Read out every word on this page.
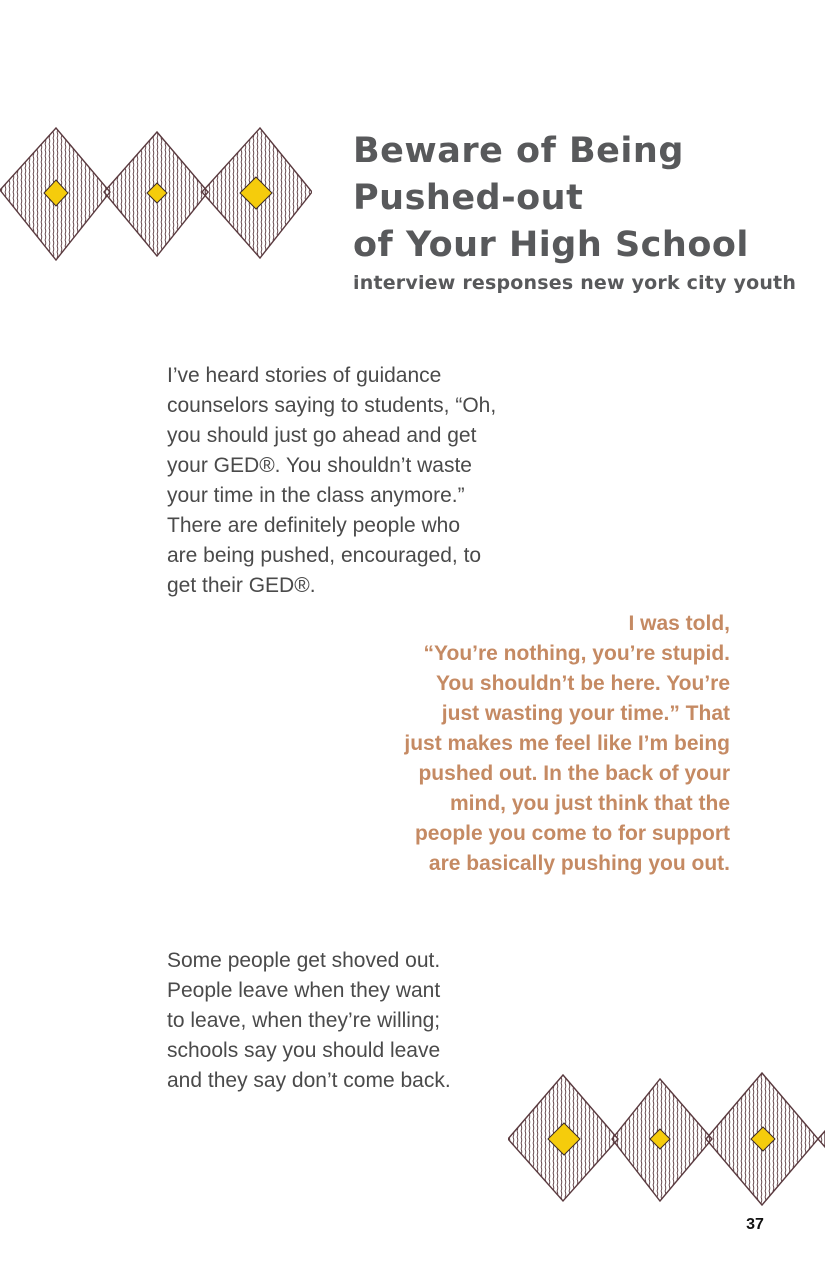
Beware of Being
Pushed-out
of Your High School
interview responses new york city youth
I’ve heard stories of guidance
counselors saying to students, “Oh,
you should just go ahead and get
your GED®. You shouldn’t waste
your time in the class anymore.”
There are definitely people who
are being pushed, encouraged, to
get their GED®.
I was told,
“You’re nothing, you’re stupid.
You shouldn’t be here. You’re
just wasting your time.” That
just makes me feel like I’m being
pushed out. In the back of your
mind, you just think that the
people you come to for support
are basically pushing you out.
Some people get shoved out.
People leave when they want
to leave, when they’re willing;
schools say you should leave
and they say don’t come back.
37
